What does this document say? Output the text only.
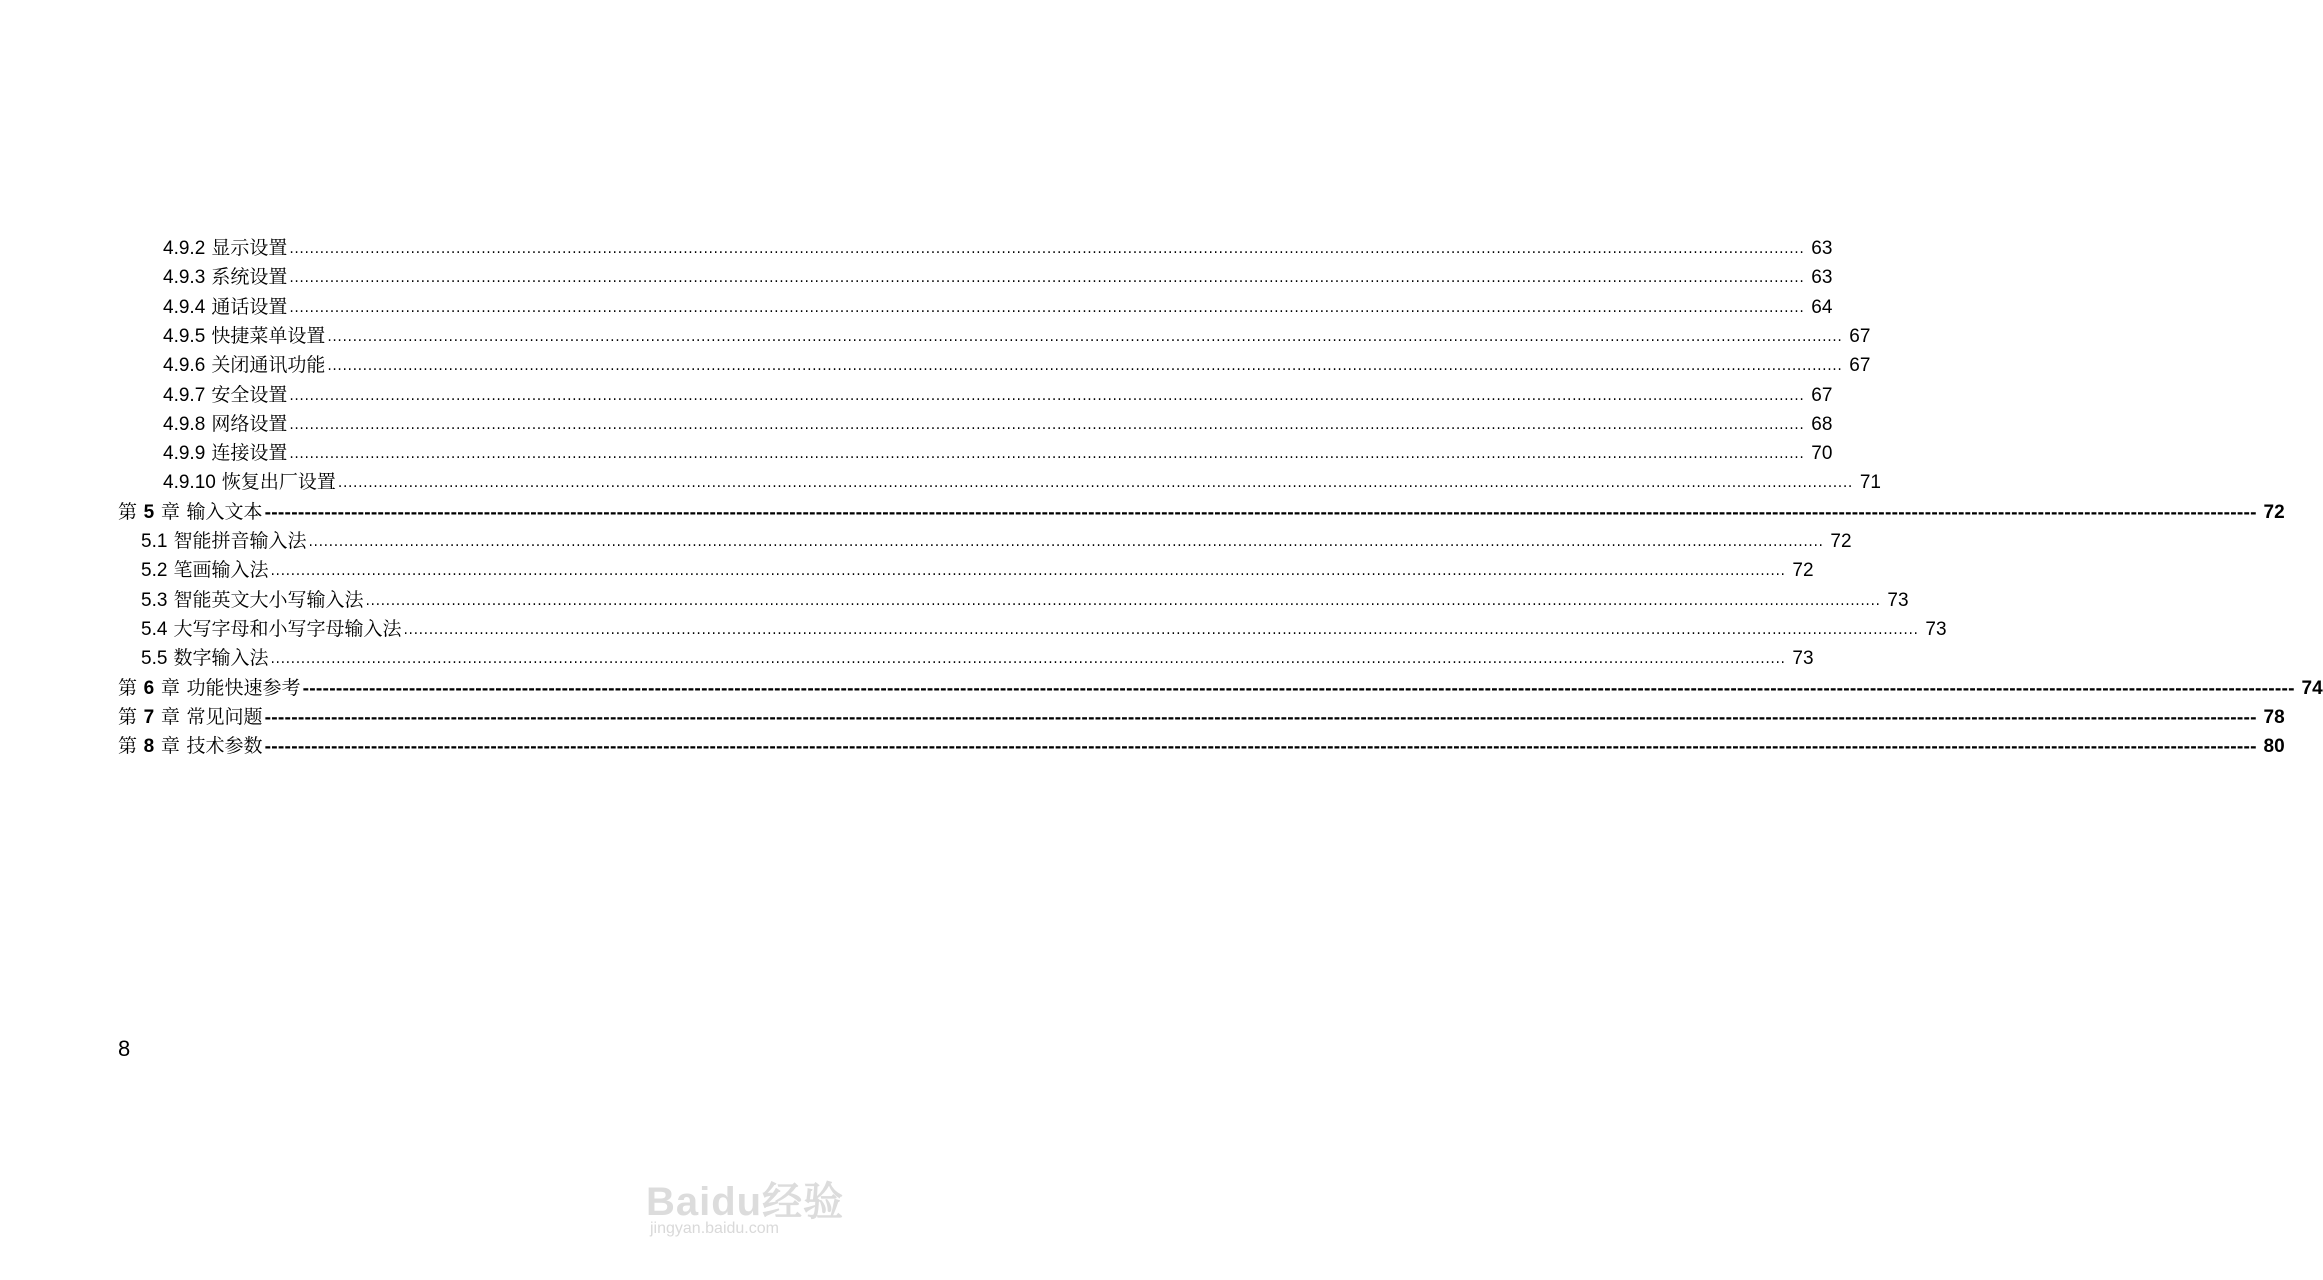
4.9.2 显示设置 ............................................................................................................................................................................................................................................................................................................ 63
4.9.3 系统设置 ............................................................................................................................................................................................................................................................................................................ 63
4.9.4 通话设置 ............................................................................................................................................................................................................................................................................................................ 64
4.9.5 快捷菜单设置 ............................................................................................................................................................................................................................................................................................................ 67
4.9.6 关闭通讯功能 ............................................................................................................................................................................................................................................................................................................ 67
4.9.7 安全设置 ............................................................................................................................................................................................................................................................................................................ 67
4.9.8 网络设置 ............................................................................................................................................................................................................................................................................................................ 68
4.9.9 连接设置 ............................................................................................................................................................................................................................................................................................................ 70
4.9.10 恢复出厂设置 ............................................................................................................................................................................................................................................................................................................ 71
第 5 章 输入文本 ------------------------------------------------------------------------------------------------------------------------------------------------------------------------------------------------------------------------------------------------------------------------------------------------------------ 72
5.1 智能拼音输入法 ............................................................................................................................................................................................................................................................................................................ 72
5.2 笔画输入法 ............................................................................................................................................................................................................................................................................................................ 72
5.3 智能英文大小写输入法 ............................................................................................................................................................................................................................................................................................................ 73
5.4 大写字母和小写字母输入法 ............................................................................................................................................................................................................................................................................................................ 73
5.5 数字输入法 ............................................................................................................................................................................................................................................................................................................ 73
第 6 章 功能快速参考 ------------------------------------------------------------------------------------------------------------------------------------------------------------------------------------------------------------------------------------------------------------------------------------------------------------ 74
第 7 章 常见问题 ------------------------------------------------------------------------------------------------------------------------------------------------------------------------------------------------------------------------------------------------------------------------------------------------------------ 78
第 8 章 技术参数 ------------------------------------------------------------------------------------------------------------------------------------------------------------------------------------------------------------------------------------------------------------------------------------------------------------ 80
8
Baidu经验
jingyan.baidu.com
